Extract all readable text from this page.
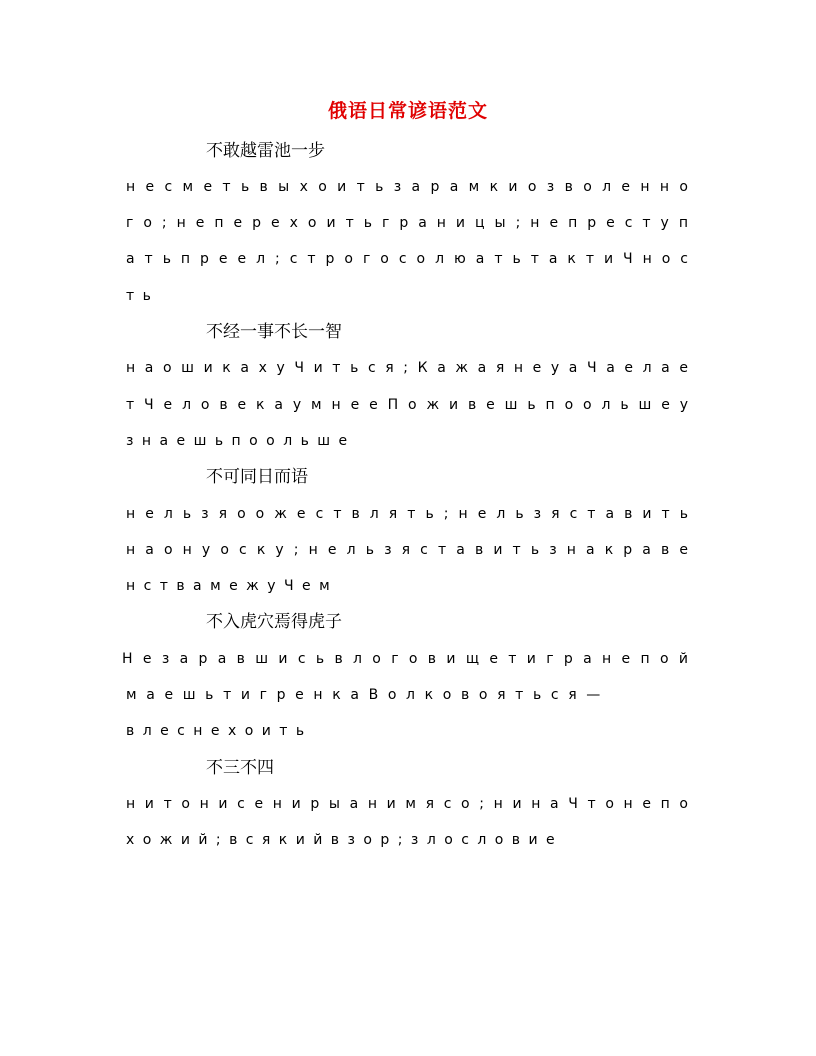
俄语日常谚语范文
不敢越雷池一步
н е с м е т ь в ы х о и т ь з а р а м к и о з в о л е н н о
г о ; н е п е р е х о и т ь г р а н и ц ы ; н е п р е с т у п
а т ь п р е е л ; с т р о г о с о л ю а т ь т а к т и Ч н о с
т ь
不经一事不长一智
н а о ш и к а х у Ч и т ь с я ; К а ж а я н е у а Ч а е л а е
т Ч е л о в е к а у м н е е П о ж и в е ш ь п о о л ь ш е у
з н а е ш ь п о о л ь ш е
不可同日而语
н е л ь з я о о ж е с т в л я т ь ; н е л ь з я с т а в и т ь
н а о н у о с к у ; н е л ь з я с т а в и т ь з н а к р а в е
н с т в а м е ж у Ч е м
不入虎穴焉得虎子
Н е з а р а в ш и с ь в л о г о в и щ е т и г р а н е п о й
м а е ш ь т и г р е н к а В о л к о в о я т ь с я —
в л е с н е х о и т ь
不三不四
н и т о н и с е н и р ы а н и м я с о ; н и н а Ч т о н е п о
х о ж и й ; в с я к и й в з о р ; з л о с л о в и е
